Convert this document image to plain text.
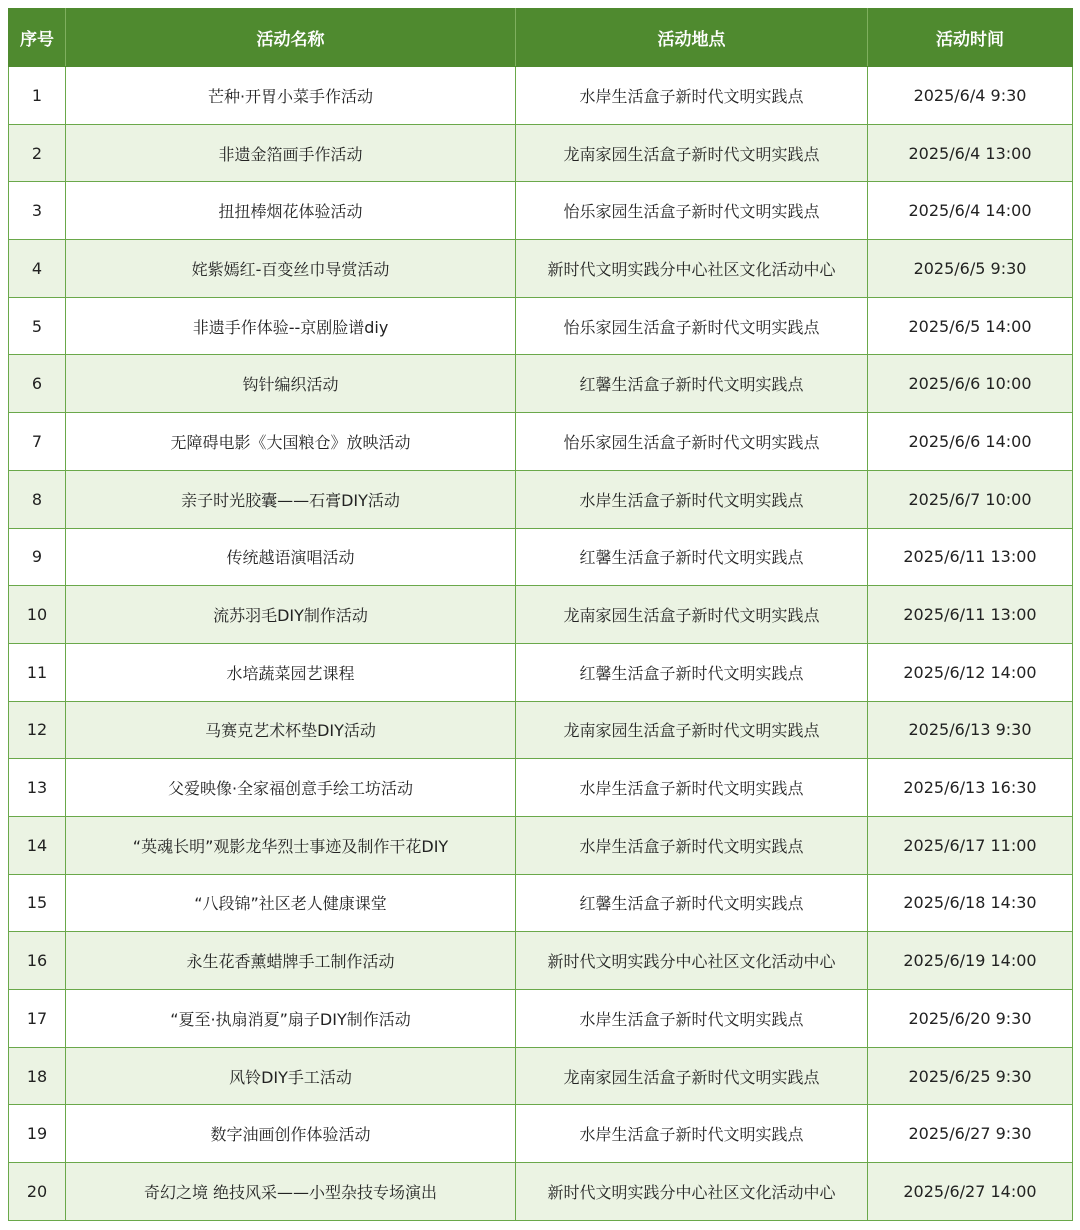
序号	活动名称	活动地点	活动时间
1	芒种·开胃小菜手作活动	水岸生活盒子新时代文明实践点	2025/6/4 9:30
2	非遗金箔画手作活动	龙南家园生活盒子新时代文明实践点	2025/6/4 13:00
3	扭扭棒烟花体验活动	怡乐家园生活盒子新时代文明实践点	2025/6/4 14:00
4	姹紫嫣红-百变丝巾导赏活动	新时代文明实践分中心社区文化活动中心	2025/6/5 9:30
5	非遗手作体验--京剧脸谱diy	怡乐家园生活盒子新时代文明实践点	2025/6/5 14:00
6	钩针编织活动	红馨生活盒子新时代文明实践点	2025/6/6 10:00
7	无障碍电影《大国粮仓》放映活动	怡乐家园生活盒子新时代文明实践点	2025/6/6 14:00
8	亲子时光胶囊——石膏DIY活动	水岸生活盒子新时代文明实践点	2025/6/7 10:00
9	传统越语演唱活动	红馨生活盒子新时代文明实践点	2025/6/11 13:00
10	流苏羽毛DIY制作活动	龙南家园生活盒子新时代文明实践点	2025/6/11 13:00
11	水培蔬菜园艺课程	红馨生活盒子新时代文明实践点	2025/6/12 14:00
12	马赛克艺术杯垫DIY活动	龙南家园生活盒子新时代文明实践点	2025/6/13 9:30
13	父爱映像·全家福创意手绘工坊活动	水岸生活盒子新时代文明实践点	2025/6/13 16:30
14	“英魂长明”观影龙华烈士事迹及制作干花DIY	水岸生活盒子新时代文明实践点	2025/6/17 11:00
15	“八段锦”社区老人健康课堂	红馨生活盒子新时代文明实践点	2025/6/18 14:30
16	永生花香薰蜡牌手工制作活动	新时代文明实践分中心社区文化活动中心	2025/6/19 14:00
17	“夏至·执扇消夏”扇子DIY制作活动	水岸生活盒子新时代文明实践点	2025/6/20 9:30
18	风铃DIY手工活动	龙南家园生活盒子新时代文明实践点	2025/6/25 9:30
19	数字油画创作体验活动	水岸生活盒子新时代文明实践点	2025/6/27 9:30
20	奇幻之境 绝技风采——小型杂技专场演出	新时代文明实践分中心社区文化活动中心	2025/6/27 14:00
